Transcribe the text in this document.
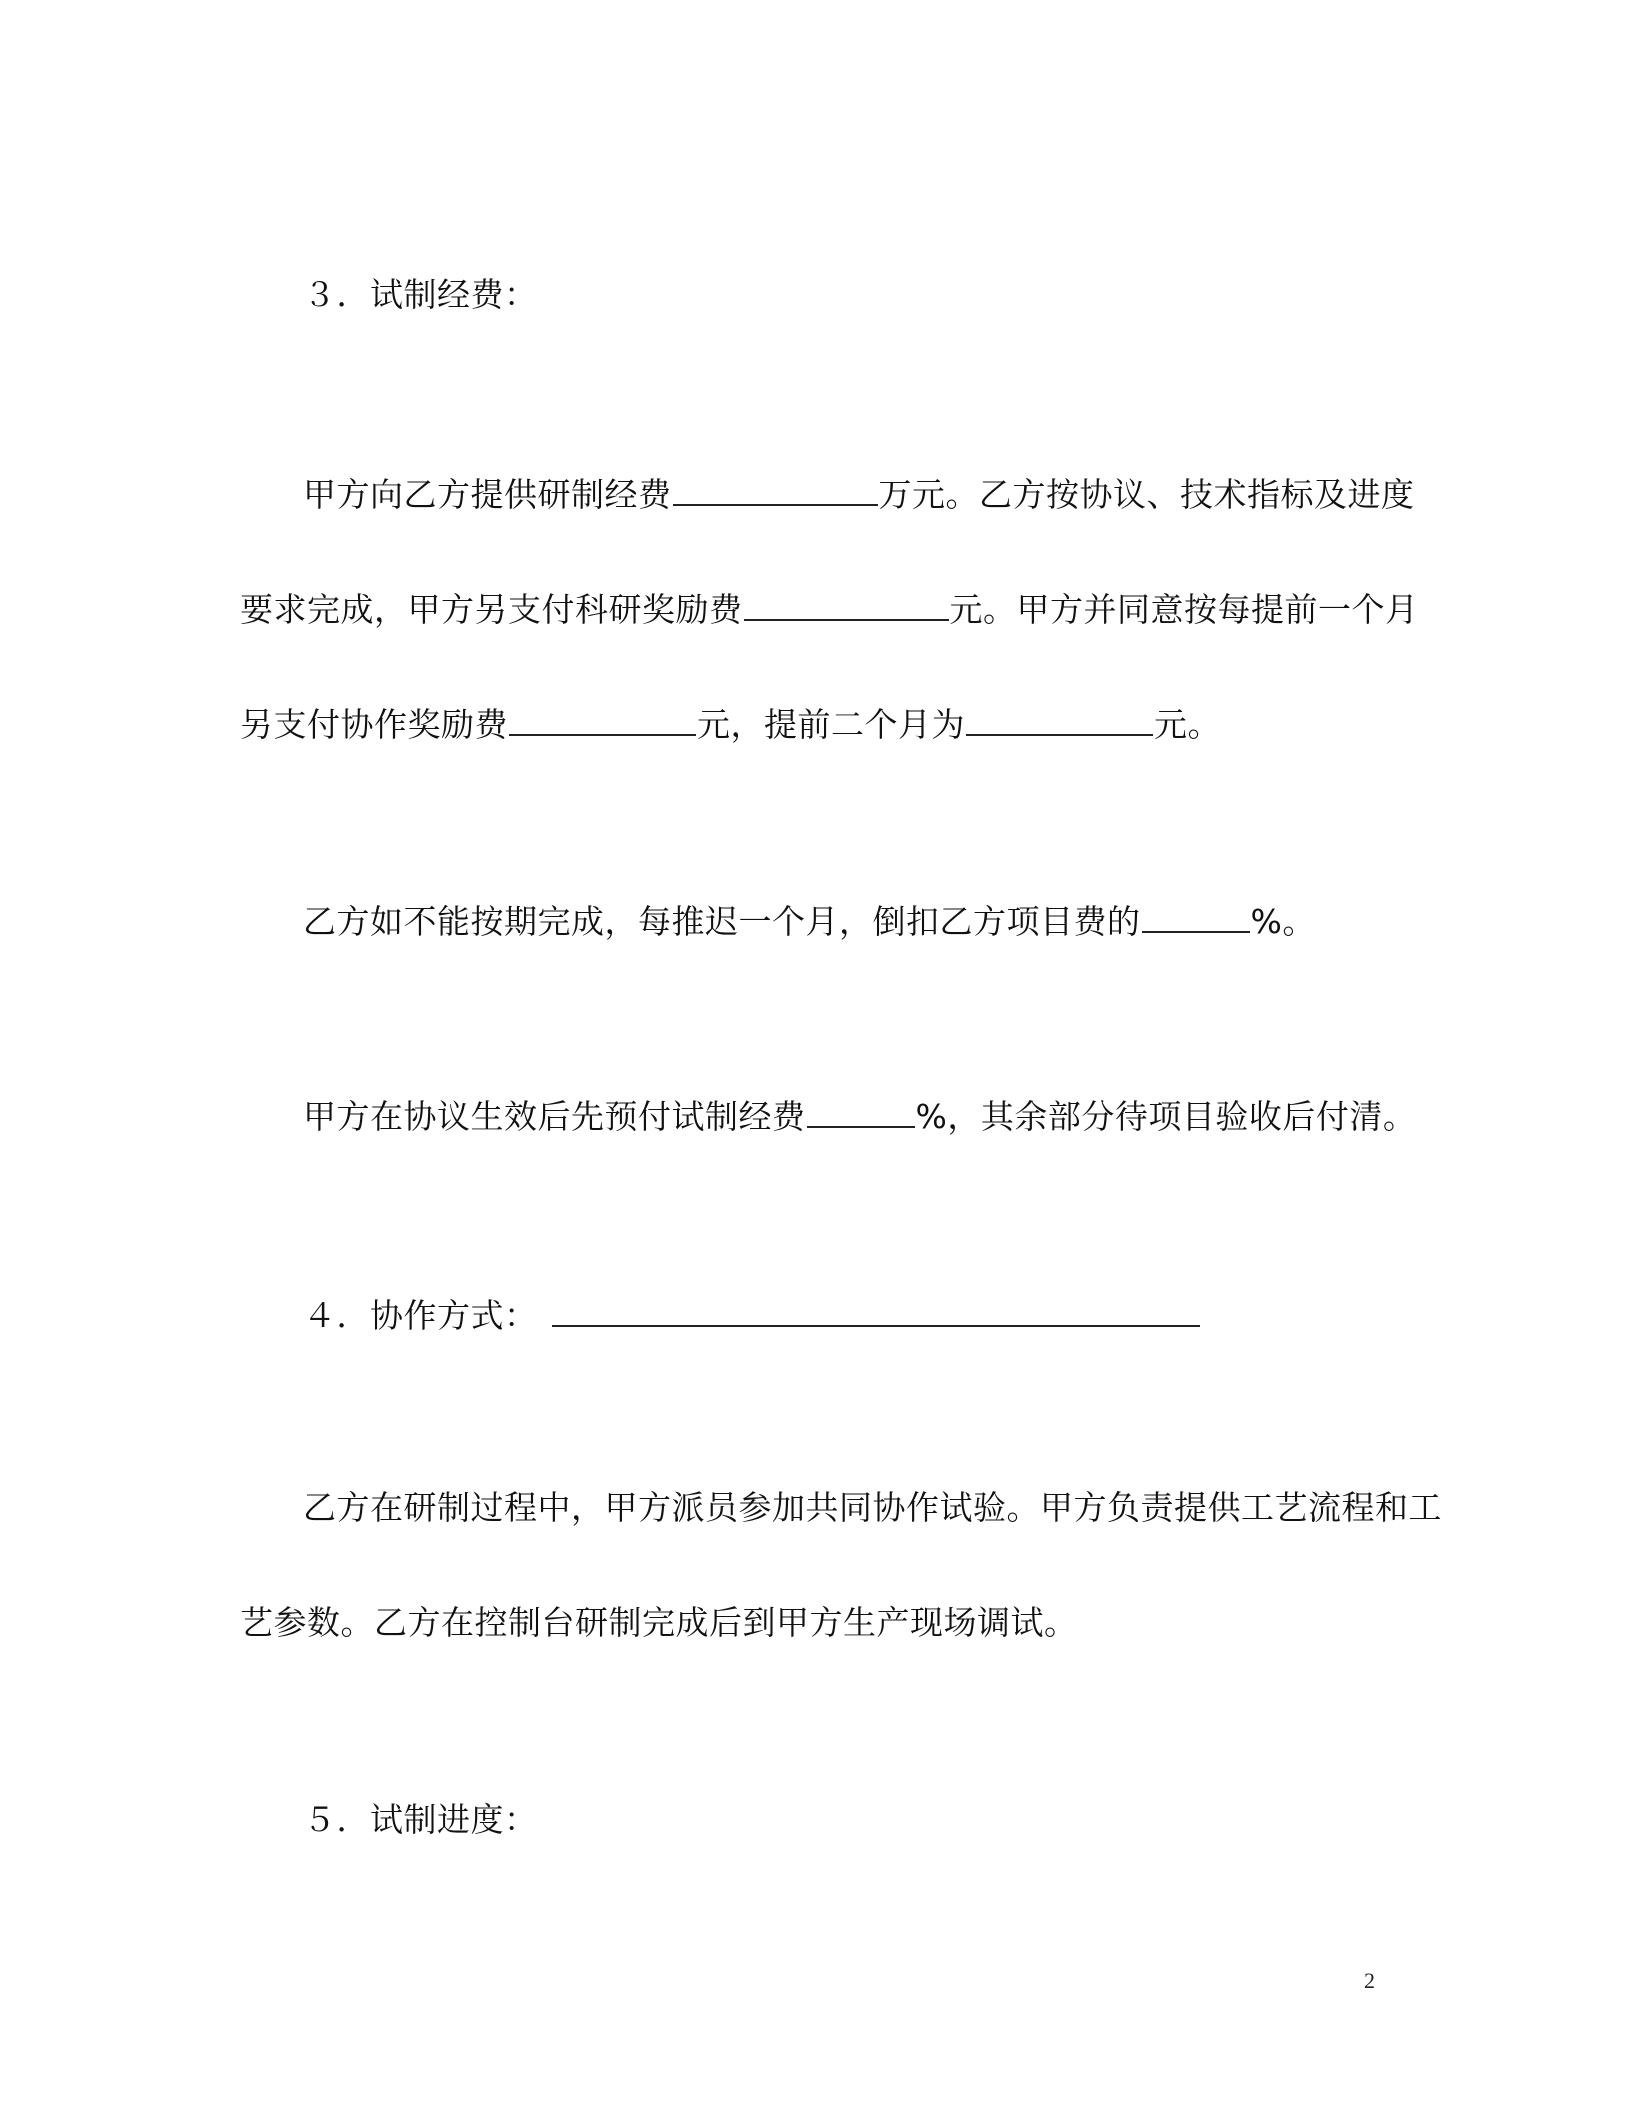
３．试制经费：
甲方向乙方提供研制经费	万元。乙方按协议、技术指标及进度
要求完成，甲方另支付科研奖励费	元。甲方并同意按每提前一个月
另支付协作奖励费	元，提前二个月为	元。
乙方如不能按期完成，每推迟一个月，倒扣乙方项目费的	%。
甲方在协议生效后先预付试制经费	%，其余部分待项目验收后付清。
４．协作方式：
乙方在研制过程中，甲方派员参加共同协作试验。甲方负责提供工艺流程和工
艺参数。乙方在控制台研制完成后到甲方生产现场调试。
５．试制进度：
2
